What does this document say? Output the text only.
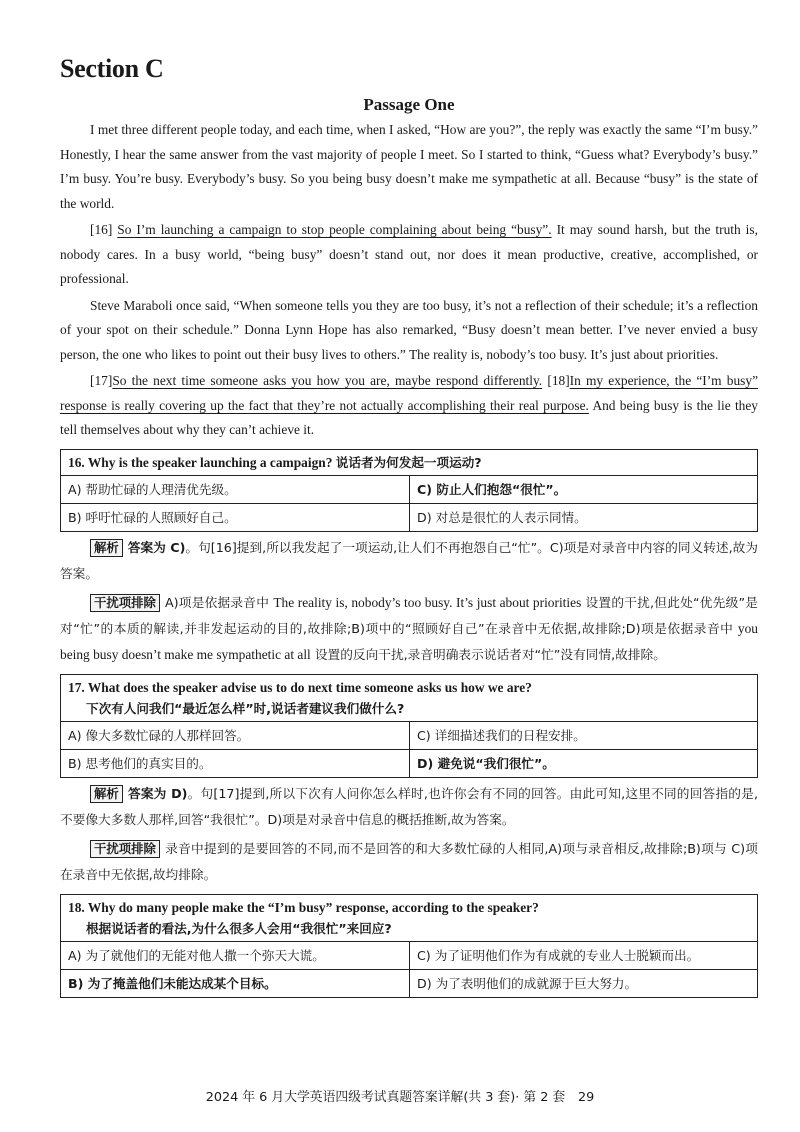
Section C
Passage One

I met three different people today, and each time, when I asked, “How are you?”, the reply was exactly the same “I’m busy.” Honestly, I hear the same answer from the vast majority of people I meet. So I started to think, “Guess what? Everybody’s busy.” I’m busy. You’re busy. Everybody’s busy. So you being busy doesn’t make me sympathetic at all. Because “busy” is the state of the world.

[16] So I’m launching a campaign to stop people complaining about being “busy”. It may sound harsh, but the truth is, nobody cares. In a busy world, “being busy” doesn’t stand out, nor does it mean productive, creative, accomplished, or professional.

Steve Maraboli once said, “When someone tells you they are too busy, it’s not a reflection of their schedule; it’s a reflection of your spot on their schedule.” Donna Lynn Hope has also remarked, “Busy doesn’t mean better. I’ve never envied a busy person, the one who likes to point out their busy lives to others.” The reality is, nobody’s too busy. It’s just about priorities.

[17]So the next time someone asks you how you are, maybe respond differently. [18]In my experience, the “I’m busy” response is really covering up the fact that they’re not actually accomplishing their real purpose. And being busy is the lie they tell themselves about why they can’t achieve it.

16. Why is the speaker launching a campaign? 说话者为何发起一项运动?
A) 帮助忙碌的人理清优先级。	C) 防止人们抱怨“很忙”。
B) 呼吁忙碌的人照顾好自己。	D) 对总是很忙的人表示同情。

解析 答案为 C)。句[16]提到,所以我发起了一项运动,让人们不再抱怨自己“忙”。C)项是对录音中内容的同义转述,故为答案。

干扰项排除 A)项是依据录音中 The reality is, nobody’s too busy. It’s just about priorities 设置的干扰,但此处“优先级”是对“忙”的本质的解读,并非发起运动的目的,故排除;B)项中的“照顾好自己”在录音中无依据,故排除;D)项是依据录音中 you being busy doesn’t make me sympathetic at all 设置的反向干扰,录音明确表示说话者对“忙”没有同情,故排除。

17. What does the speaker advise us to do next time someone asks us how we are?
下次有人问我们“最近怎么样”时,说话者建议我们做什么?
A) 像大多数忙碌的人那样回答。	C) 详细描述我们的日程安排。
B) 思考他们的真实目的。	D) 避免说“我们很忙”。

解析 答案为 D)。句[17]提到,所以下次有人问你怎么样时,也许你会有不同的回答。由此可知,这里不同的回答指的是,不要像大多数人那样,回答“我很忙”。D)项是对录音中信息的概括推断,故为答案。

干扰项排除 录音中提到的是要回答的不同,而不是回答的和大多数忙碌的人相同,A)项与录音相反,故排除;B)项与 C)项在录音中无依据,故均排除。

18. Why do many people make the “I’m busy” response, according to the speaker?
根据说话者的看法,为什么很多人会用“我很忙”来回应?
A) 为了就他们的无能对他人撒一个弥天大谎。	C) 为了证明他们作为有成就的专业人士脱颖而出。
B) 为了掩盖他们未能达成某个目标。	D) 为了表明他们的成就源于巨大努力。
2024 年 6 月大学英语四级考试真题答案详解(共 3 套)· 第 2 套　29
